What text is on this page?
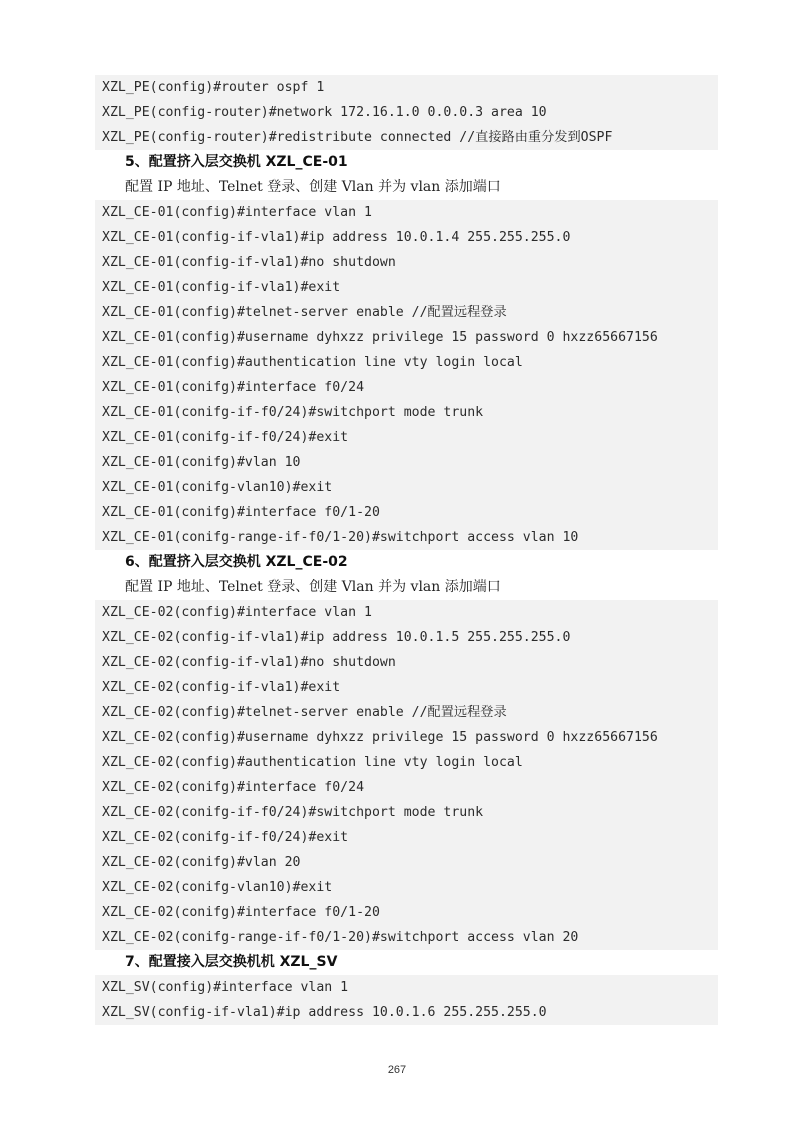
XZL_PE(config)#router ospf 1
XZL_PE(config-router)#network 172.16.1.0 0.0.0.3 area 10
XZL_PE(config-router)#redistribute connected //直接路由重分发到OSPF
5、配置挤入层交换机 XZL_CE-01
配置 IP 地址、Telnet 登录、创建 Vlan 并为 vlan 添加端口
XZL_CE-01(config)#interface vlan 1
XZL_CE-01(config-if-vla1)#ip address 10.0.1.4 255.255.255.0
XZL_CE-01(config-if-vla1)#no shutdown
XZL_CE-01(config-if-vla1)#exit
XZL_CE-01(config)#telnet-server enable //配置远程登录
XZL_CE-01(config)#username dyhxzz privilege 15 password 0 hxzz65667156
XZL_CE-01(config)#authentication line vty login local
XZL_CE-01(conifg)#interface f0/24
XZL_CE-01(conifg-if-f0/24)#switchport mode trunk
XZL_CE-01(conifg-if-f0/24)#exit
XZL_CE-01(conifg)#vlan 10
XZL_CE-01(conifg-vlan10)#exit
XZL_CE-01(conifg)#interface f0/1-20
XZL_CE-01(conifg-range-if-f0/1-20)#switchport access vlan 10
6、配置挤入层交换机 XZL_CE-02
配置 IP 地址、Telnet 登录、创建 Vlan 并为 vlan 添加端口
XZL_CE-02(config)#interface vlan 1
XZL_CE-02(config-if-vla1)#ip address 10.0.1.5 255.255.255.0
XZL_CE-02(config-if-vla1)#no shutdown
XZL_CE-02(config-if-vla1)#exit
XZL_CE-02(config)#telnet-server enable //配置远程登录
XZL_CE-02(config)#username dyhxzz privilege 15 password 0 hxzz65667156
XZL_CE-02(config)#authentication line vty login local
XZL_CE-02(conifg)#interface f0/24
XZL_CE-02(conifg-if-f0/24)#switchport mode trunk
XZL_CE-02(conifg-if-f0/24)#exit
XZL_CE-02(conifg)#vlan 20
XZL_CE-02(conifg-vlan10)#exit
XZL_CE-02(conifg)#interface f0/1-20
XZL_CE-02(conifg-range-if-f0/1-20)#switchport access vlan 20
7、配置接入层交换机机 XZL_SV
XZL_SV(config)#interface vlan 1
XZL_SV(config-if-vla1)#ip address 10.0.1.6 255.255.255.0
267
